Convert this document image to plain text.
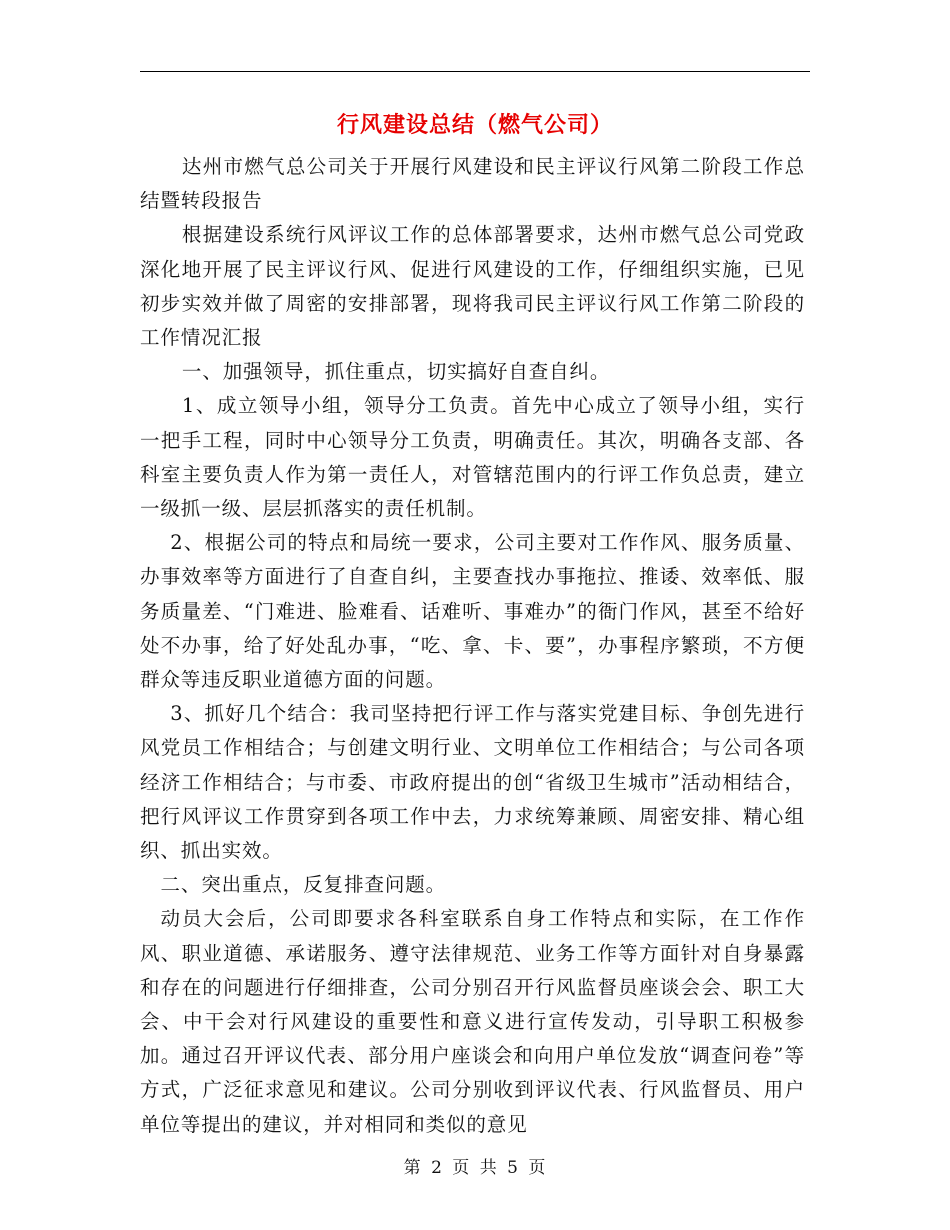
行风建设总结（燃气公司）

达州市燃气总公司关于开展行风建设和民主评议行风第二阶段工作总结暨转段报告

根据建设系统行风评议工作的总体部署要求，达州市燃气总公司党政深化地开展了民主评议行风、促进行风建设的工作，仔细组织实施，已见初步实效并做了周密的安排部署，现将我司民主评议行风工作第二阶段的工作情况汇报

一、加强领导，抓住重点，切实搞好自查自纠。

1、成立领导小组，领导分工负责。首先中心成立了领导小组，实行一把手工程，同时中心领导分工负责，明确责任。其次，明确各支部、各科室主要负责人作为第一责任人，对管辖范围内的行评工作负总责，建立一级抓一级、层层抓落实的责任机制。

2、根据公司的特点和局统一要求，公司主要对工作作风、服务质量、办事效率等方面进行了自查自纠，主要查找办事拖拉、推诿、效率低、服务质量差、“门难进、脸难看、话难听、事难办”的衙门作风，甚至不给好处不办事，给了好处乱办事，“吃、拿、卡、要”，办事程序繁琐，不方便群众等违反职业道德方面的问题。

3、抓好几个结合：我司坚持把行评工作与落实党建目标、争创先进行风党员工作相结合；与创建文明行业、文明单位工作相结合；与公司各项经济工作相结合；与市委、市政府提出的创“省级卫生城市”活动相结合，把行风评议工作贯穿到各项工作中去，力求统筹兼顾、周密安排、精心组织、抓出实效。

二、突出重点，反复排查问题。

动员大会后，公司即要求各科室联系自身工作特点和实际，在工作作风、职业道德、承诺服务、遵守法律规范、业务工作等方面针对自身暴露和存在的问题进行仔细排查，公司分别召开行风监督员座谈会会、职工大会、中干会对行风建设的重要性和意义进行宣传发动，引导职工积极参加。通过召开评议代表、部分用户座谈会和向用户单位发放“调查问卷”等方式，广泛征求意见和建议。公司分别收到评议代表、行风监督员、用户单位等提出的建议，并对相同和类似的意见

第 2 页 共 5 页
